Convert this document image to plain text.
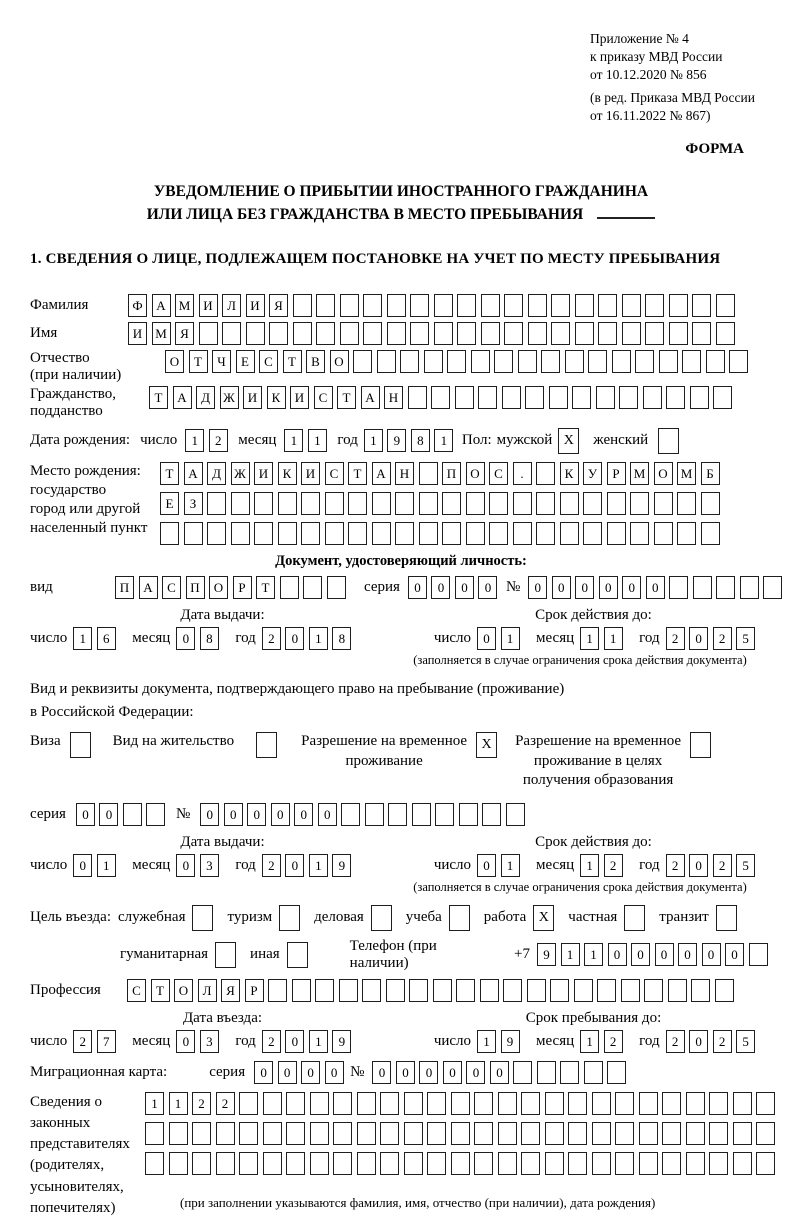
Приложение № 4
к приказу МВД России
от 10.12.2020 № 856
(в ред. Приказа МВД России
от 16.11.2022 № 867)
ФОРМА
УВЕДОМЛЕНИЕ О ПРИБЫТИИ ИНОСТРАННОГО ГРАЖДАНИНА
ИЛИ ЛИЦА БЕЗ ГРАЖДАНСТВА В МЕСТО ПРЕБЫВАНИЯ
1. СВЕДЕНИЯ О ЛИЦЕ, ПОДЛЕЖАЩЕМ ПОСТАНОВКЕ НА УЧЕТ ПО МЕСТУ ПРЕБЫВАНИЯ
Фамилия	Ф	А	М	И	Л	И	Я
Имя	И	М	Я
Отчество
(при наличии)
О	Т	Ч	Е	С	Т	В	О
Гражданство,
подданство
Т	А	Д	Ж И	К	И	С	Т	А	Н
Дата рождения: число	1	2	месяц	1	1	год 1	9	8	1 Пол: мужской X	женский
Место рождения:
государство
город или другой
населенный пункт
Т	А	Д	Ж И	К	И	С	Т	А	Н	П	О	С	.	К	У	Р	М	О	М	Б
Е	З
Документ, удостоверяющий личность:
вид	П	А	С	П	О	Р	Т	серия	0	0	0	0 №	0	0	0	0	0	0
Дата выдачи:	Срок действия до:
число 1	6	месяц 0	8	год 2	0	1	8	число 0	1	месяц 1	1	год 2	0	2	5
(заполняется в случае ограничения срока действия документа)
Вид и реквизиты документа, подтверждающего право на пребывание (проживание)
в Российской Федерации:
Виза	Вид на жительство	Разрешение на временное
проживание
X	Разрешение на временное
проживание в целях
получения образования
серия	0	0	№	0	0	0	0	0	0
Дата выдачи:	Срок действия до:
число 0	1	месяц 0	3	год 2	0	1	9	число 0	1	месяц 1	2	год 2	0	2	5
(заполняется в случае ограничения срока действия документа)
Цель въезда: служебная	туризм	деловая	учеба	работа X	частная	транзит
гуманитарная	иная
Телефон (при наличии)
+7	9	1	1	0	0	0	0	0	0
Профессия	С	Т	О	Л	Я	Р
Дата въезда:	Срок пребывания до:
число 2	7	месяц 0	3	год 2	0	1	9	число 1	9	месяц 1	2	год 2	0	2	5
Миграционная карта:	серия	0	0	0	0 №	0	0	0	0	0	0
Сведения о
законных
представителях
(родителях,
усыновителях,
попечителях)
1	1	2	2
(при заполнении указываются фамилия, имя, отчество (при наличии), дата рождения)
